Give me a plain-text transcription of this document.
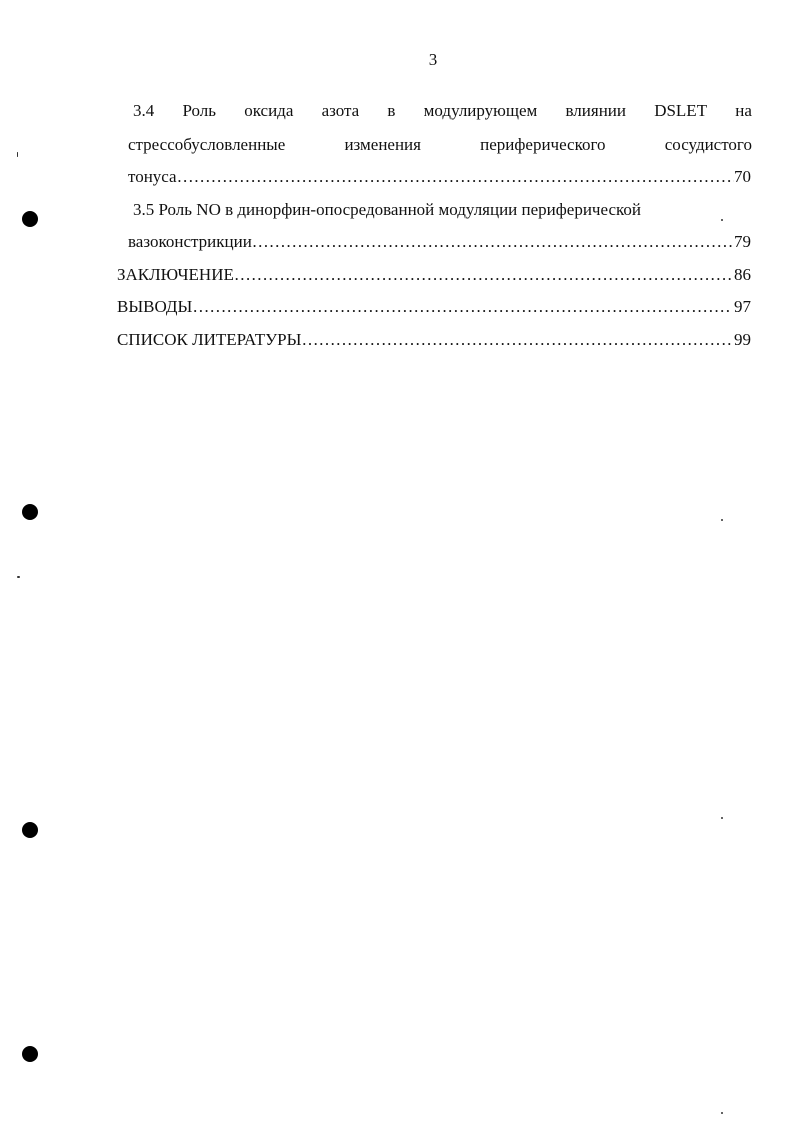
3
3.4 Роль оксида азота в модулирующем влиянии DSLET на
стрессобусловленные	изменения	периферического	сосудистого
тонуса …………………………………………………………………………………………………………………………………………	70
3.5 Роль NO в динорфин-опосредованной модуляции периферической
вазоконстрикции …………………………………………………………………………………………………………………………………………	79
ЗАКЛЮЧЕНИЕ …………………………………………………………………………………………………………………………………………	86
ВЫВОДЫ …………………………………………………………………………………………………………………………………………	97
СПИСОК ЛИТЕРАТУРЫ …………………………………………………………………………………………………………………………………………	99
